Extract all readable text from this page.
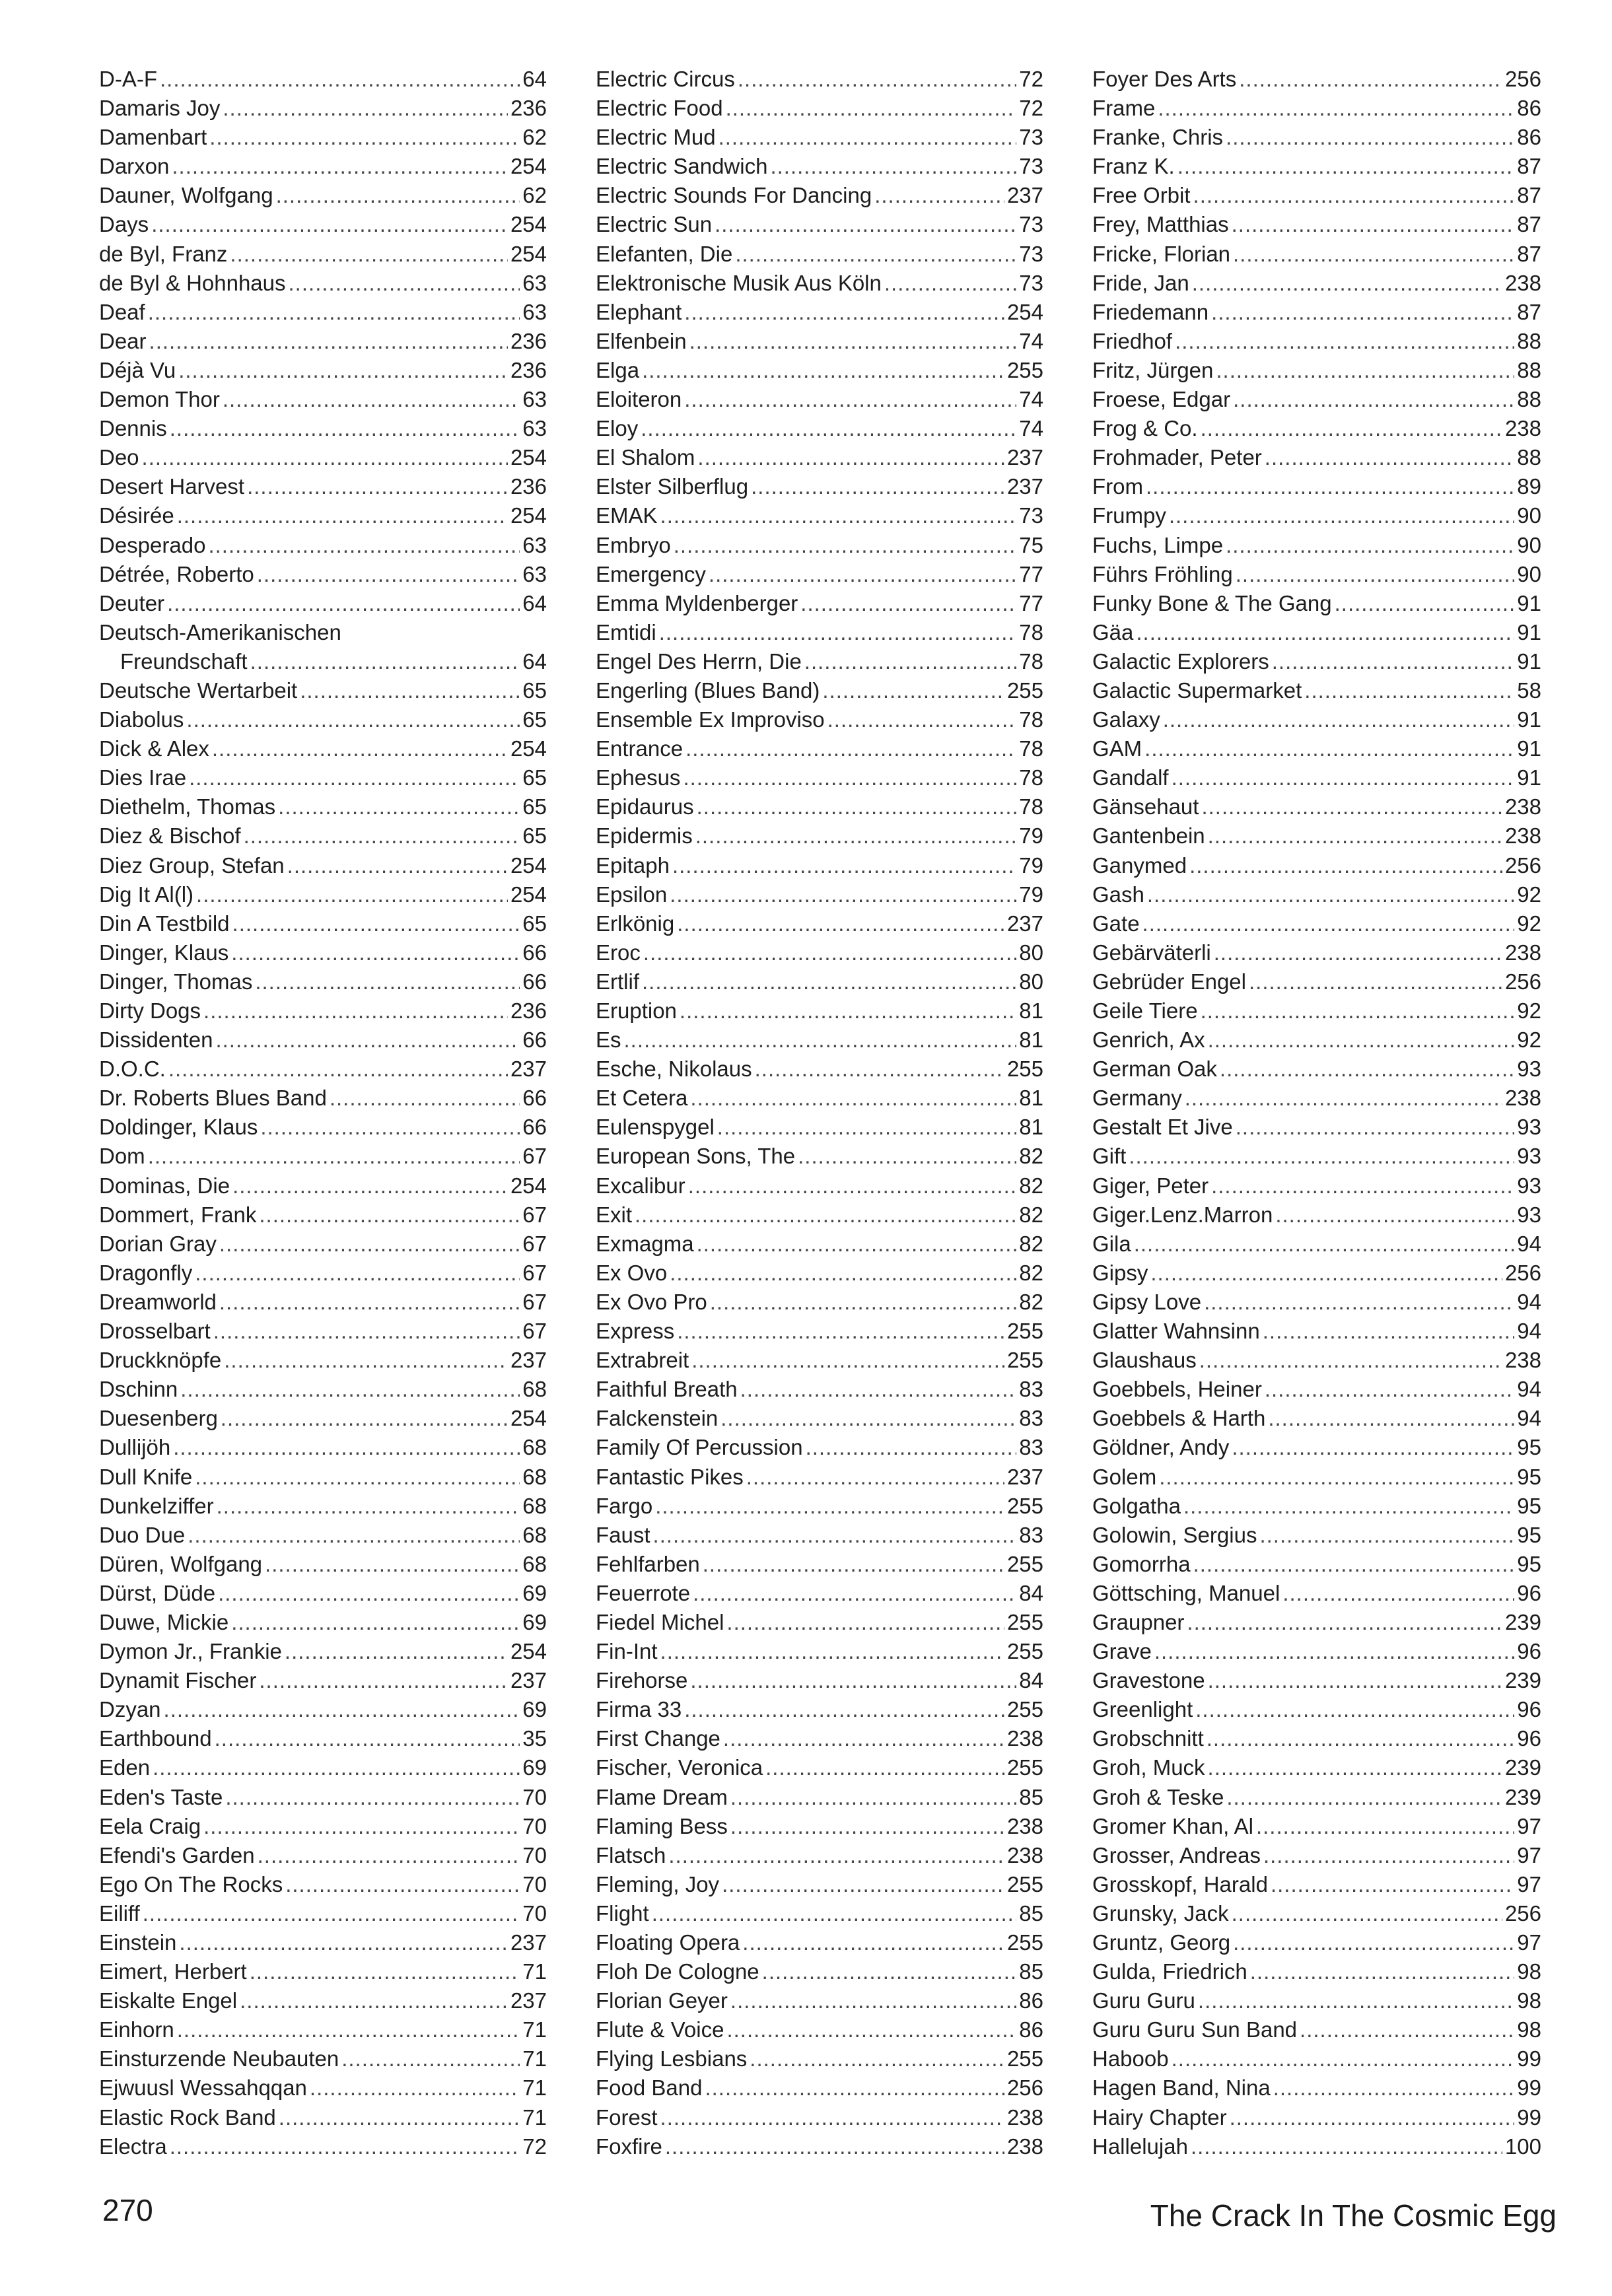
D-A-F .....	64
Damaris Joy .....	236
Damenbart .....	62
Darxon .....	254
Dauner, Wolfgang .....	62
Days .....	254
de Byl, Franz .....	254
de Byl & Hohnhaus .....	63
Deaf .....	63
Dear .....	236
Déjà Vu .....	236
Demon Thor .....	63
Dennis .....	63
Deo .....	254
Desert Harvest .....	236
Désirée .....	254
Desperado .....	63
Détrée, Roberto .....	63
Deuter .....	64
Deutsch-Amerikanischen
Freundschaft .....	64
Deutsche Wertarbeit .....	65
Diabolus .....	65
Dick & Alex .....	254
Dies Irae .....	65
Diethelm, Thomas .....	65
Diez & Bischof .....	65
Diez Group, Stefan .....	254
Dig It Al(l) .....	254
Din A Testbild .....	65
Dinger, Klaus .....	66
Dinger, Thomas .....	66
Dirty Dogs .....	236
Dissidenten .....	66
D.O.C. .....	237
Dr. Roberts Blues Band .....	66
Doldinger, Klaus .....	66
Dom .....	67
Dominas, Die .....	254
Dommert, Frank .....	67
Dorian Gray .....	67
Dragonfly .....	67
Dreamworld .....	67
Drosselbart .....	67
Druckknöpfe .....	237
Dschinn .....	68
Duesenberg .....	254
Dullijöh .....	68
Dull Knife .....	68
Dunkelziffer .....	68
Duo Due .....	68
Düren, Wolfgang .....	68
Dürst, Düde .....	69
Duwe, Mickie .....	69
Dymon Jr., Frankie .....	254
Dynamit Fischer .....	237
Dzyan .....	69
Earthbound .....	35
Eden .....	69
Eden's Taste .....	70
Eela Craig .....	70
Efendi's Garden .....	70
Ego On The Rocks .....	70
Eiliff .....	70
Einstein .....	237
Eimert, Herbert .....	71
Eiskalte Engel .....	237
Einhorn .....	71
Einsturzende Neubauten .....	71
Ejwuusl Wessahqqan .....	71
Elastic Rock Band .....	71
Electra .....	72
Electric Circus .....	72
Electric Food .....	72
Electric Mud .....	73
Electric Sandwich .....	73
Electric Sounds For Dancing .....	237
Electric Sun .....	73
Elefanten, Die .....	73
Elektronische Musik Aus Köln .....	73
Elephant .....	254
Elfenbein .....	74
Elga .....	255
Eloiteron .....	74
Eloy .....	74
El Shalom .....	237
Elster Silberflug .....	237
EMAK .....	73
Embryo .....	75
Emergency .....	77
Emma Myldenberger .....	77
Emtidi .....	78
Engel Des Herrn, Die .....	78
Engerling (Blues Band) .....	255
Ensemble Ex Improviso .....	78
Entrance .....	78
Ephesus .....	78
Epidaurus .....	78
Epidermis .....	79
Epitaph .....	79
Epsilon .....	79
Erlkönig .....	237
Eroc .....	80
Ertlif .....	80
Eruption .....	81
Es .....	81
Esche, Nikolaus .....	255
Et Cetera .....	81
Eulenspygel .....	81
European Sons, The .....	82
Excalibur .....	82
Exit .....	82
Exmagma .....	82
Ex Ovo .....	82
Ex Ovo Pro .....	82
Express .....	255
Extrabreit .....	255
Faithful Breath .....	83
Falckenstein .....	83
Family Of Percussion .....	83
Fantastic Pikes .....	237
Fargo .....	255
Faust .....	83
Fehlfarben .....	255
Feuerrote .....	84
Fiedel Michel .....	255
Fin-Int .....	255
Firehorse .....	84
Firma 33 .....	255
First Change .....	238
Fischer, Veronica .....	255
Flame Dream .....	85
Flaming Bess .....	238
Flatsch .....	238
Fleming, Joy .....	255
Flight .....	85
Floating Opera .....	255
Floh De Cologne .....	85
Florian Geyer .....	86
Flute & Voice .....	86
Flying Lesbians .....	255
Food Band .....	256
Forest .....	238
Foxfire .....	238
Foyer Des Arts .....	256
Frame .....	86
Franke, Chris .....	86
Franz K. .....	87
Free Orbit .....	87
Frey, Matthias .....	87
Fricke, Florian .....	87
Fride, Jan .....	238
Friedemann .....	87
Friedhof .....	88
Fritz, Jürgen .....	88
Froese, Edgar .....	88
Frog & Co. .....	238
Frohmader, Peter .....	88
From .....	89
Frumpy .....	90
Fuchs, Limpe .....	90
Führs Fröhling .....	90
Funky Bone & The Gang .....	91
Gäa .....	91
Galactic Explorers .....	91
Galactic Supermarket .....	58
Galaxy .....	91
GAM .....	91
Gandalf .....	91
Gänsehaut .....	238
Gantenbein .....	238
Ganymed .....	256
Gash .....	92
Gate .....	92
Gebärväterli .....	238
Gebrüder Engel .....	256
Geile Tiere .....	92
Genrich, Ax .....	92
German Oak .....	93
Germany .....	238
Gestalt Et Jive .....	93
Gift .....	93
Giger, Peter .....	93
Giger.Lenz.Marron .....	93
Gila .....	94
Gipsy .....	256
Gipsy Love .....	94
Glatter Wahnsinn .....	94
Glaushaus .....	238
Goebbels, Heiner .....	94
Goebbels & Harth .....	94
Göldner, Andy .....	95
Golem .....	95
Golgatha .....	95
Golowin, Sergius .....	95
Gomorrha .....	95
Göttsching, Manuel .....	96
Graupner .....	239
Grave .....	96
Gravestone .....	239
Greenlight .....	96
Grobschnitt .....	96
Groh, Muck .....	239
Groh & Teske .....	239
Gromer Khan, Al .....	97
Grosser, Andreas .....	97
Grosskopf, Harald .....	97
Grunsky, Jack .....	256
Gruntz, Georg .....	97
Gulda, Friedrich .....	98
Guru Guru .....	98
Guru Guru Sun Band .....	98
Haboob .....	99
Hagen Band, Nina .....	99
Hairy Chapter .....	99
Hallelujah .....	100
270	The Crack In The Cosmic Egg
